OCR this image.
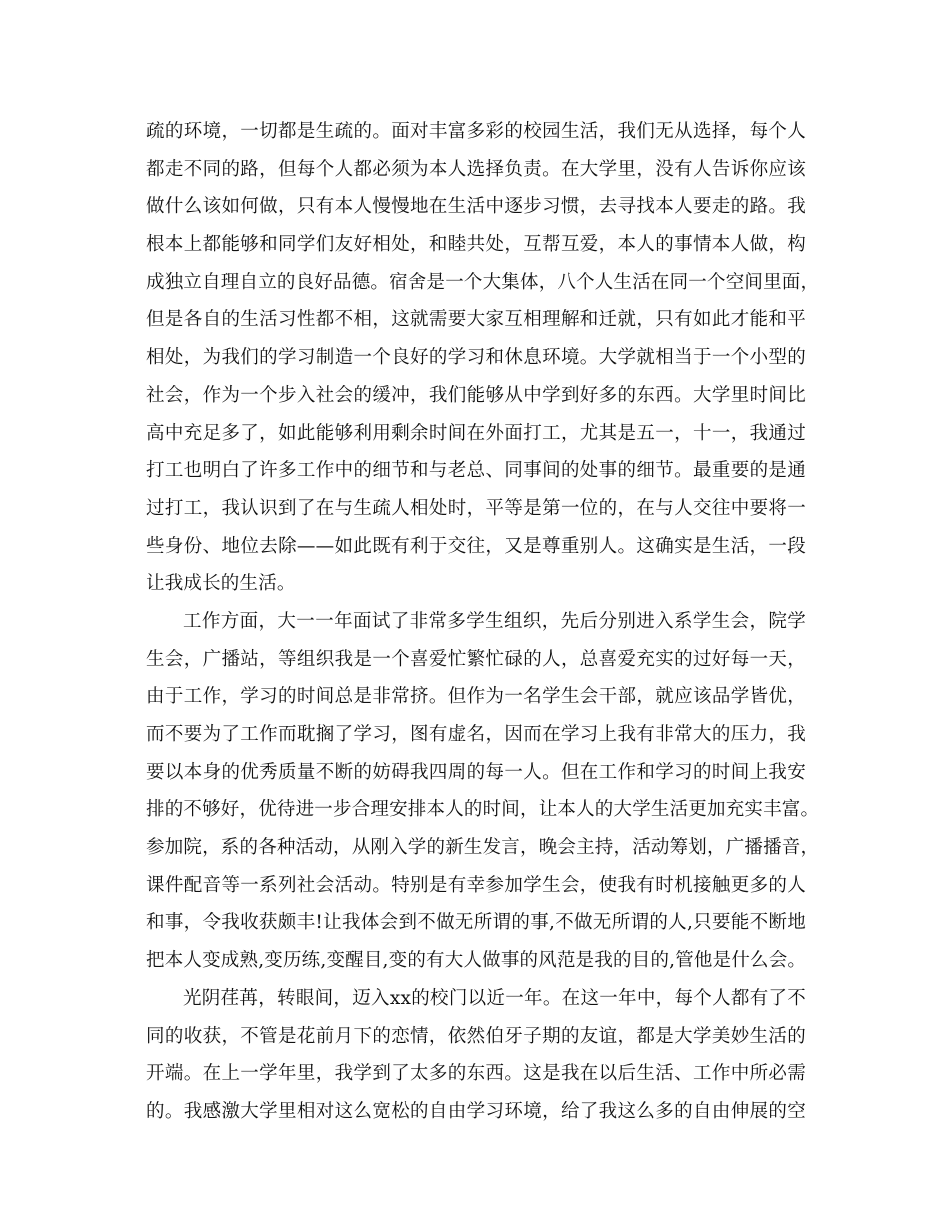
疏的环境，一切都是生疏的。面对丰富多彩的校园生活，我们无从选择，每个人
都走不同的路，但每个人都必须为本人选择负责。在大学里，没有人告诉你应该
做什么该如何做，只有本人慢慢地在生活中逐步习惯，去寻找本人要走的路。我
根本上都能够和同学们友好相处，和睦共处，互帮互爱，本人的事情本人做，构
成独立自理自立的良好品德。宿舍是一个大集体，八个人生活在同一个空间里面，
但是各自的生活习性都不相，这就需要大家互相理解和迁就，只有如此才能和平
相处，为我们的学习制造一个良好的学习和休息环境。大学就相当于一个小型的
社会，作为一个步入社会的缓冲，我们能够从中学到好多的东西。大学里时间比
高中充足多了，如此能够利用剩余时间在外面打工，尤其是五一，十一，我通过
打工也明白了许多工作中的细节和与老总、同事间的处事的细节。最重要的是通
过打工，我认识到了在与生疏人相处时，平等是第一位的，在与人交往中要将一
些身份、地位去除——如此既有利于交往，又是尊重别人。这确实是生活，一段
让我成长的生活。
工作方面，大一一年面试了非常多学生组织，先后分别进入系学生会，院学
生会，广播站，等组织我是一个喜爱忙繁忙碌的人，总喜爱充实的过好每一天，
由于工作，学习的时间总是非常挤。但作为一名学生会干部，就应该品学皆优，
而不要为了工作而耽搁了学习，图有虚名，因而在学习上我有非常大的压力，我
要以本身的优秀质量不断的妨碍我四周的每一人。但在工作和学习的时间上我安
排的不够好，优待进一步合理安排本人的时间，让本人的大学生活更加充实丰富。
参加院，系的各种活动，从刚入学的新生发言，晚会主持，活动筹划，广播播音，
课件配音等一系列社会活动。特别是有幸参加学生会，使我有时机接触更多的人
和事，令我收获颇丰!让我体会到不做无所谓的事,不做无所谓的人,只要能不断地
把本人变成熟,变历练,变醒目,变的有大人做事的风范是我的目的,管他是什么会。
光阴荏苒，转眼间，迈入xx的校门以近一年。在这一年中，每个人都有了不
同的收获，不管是花前月下的恋情，依然伯牙子期的友谊，都是大学美妙生活的
开端。在上一学年里，我学到了太多的东西。这是我在以后生活、工作中所必需
的。我感激大学里相对这么宽松的自由学习环境，给了我这么多的自由伸展的空
